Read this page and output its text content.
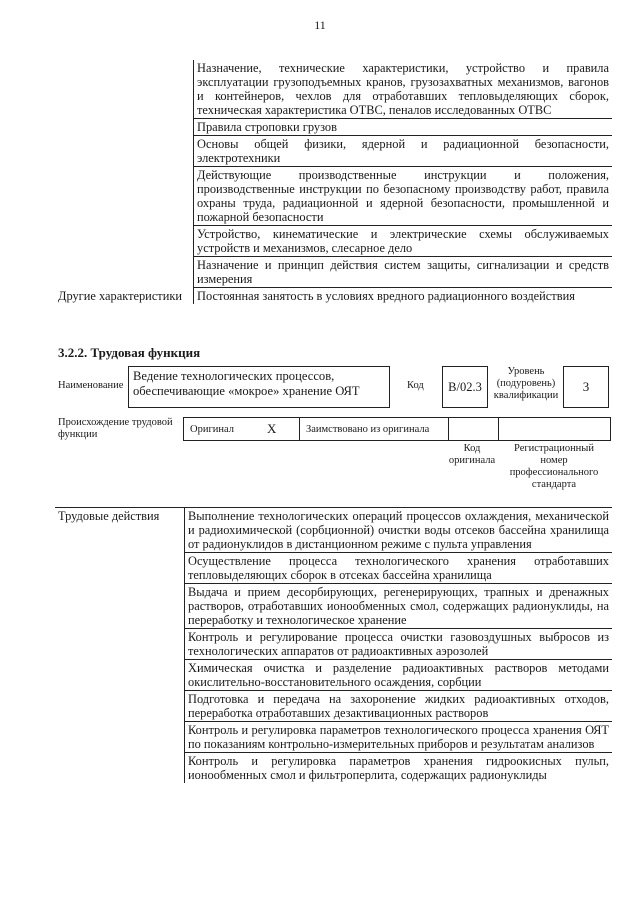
11
	Назначение, технические характеристики, устройство и правила эксплуатации грузоподъемных кранов, грузозахватных механизмов, вагонов и контейнеров, чехлов для отработавших тепловыделяющих сборок, техническая характеристика ОТВС, пеналов исследованных ОТВС
	Правила строповки грузов
	Основы общей физики, ядерной и радиационной безопасности, электротехники
	Действующие производственные инструкции и положения, производственные инструкции по безопасному производству работ, правила охраны труда, радиационной и ядерной безопасности, промышленной и пожарной безопасности
	Устройство, кинематические и электрические схемы обслуживаемых устройств и механизмов, слесарное дело
	Назначение и принцип действия систем защиты, сигнализации и средств измерения
Другие характеристики	Постоянная занятость в условиях вредного радиационного воздействия
3.2.2. Трудовая функция
Наименование
Ведение технологических процессов, обеспечивающие «мокрое» хранение ОЯТ	Код	B/02.3
Уровень (подуровень) квалификации
3
Происхождение трудовой функции	Оригинал	X	Заимствовано из оригинала
Код оригинала
Регистрационный номер профессионального стандарта
Трудовые действия	Выполнение технологических операций процессов охлаждения, механической и радиохимической (сорбционной) очистки воды отсеков бассейна хранилища от радионуклидов в дистанционном режиме с пульта управления
Осуществление процесса технологического хранения отработавших тепловыделяющих сборок в отсеках бассейна хранилища
Выдача и прием десорбирующих, регенерирующих, трапных и дренажных растворов, отработавших ионообменных смол, содержащих радионуклиды, на переработку и технологическое хранение
Контроль и регулирование процесса очистки газовоздушных выбросов из технологических аппаратов от радиоактивных аэрозолей
Химическая очистка и разделение радиоактивных растворов методами окислительно-восстановительного осаждения, сорбции
Подготовка и передача на захоронение жидких радиоактивных отходов, переработка отработавших дезактивационных растворов
Контроль и регулировка параметров технологического процесса хранения ОЯТ по показаниям контрольно-измерительных приборов и результатам анализов
Контроль и регулировка параметров хранения гидроокисных пульп, ионообменных смол и фильтроперлита, содержащих радионуклиды
